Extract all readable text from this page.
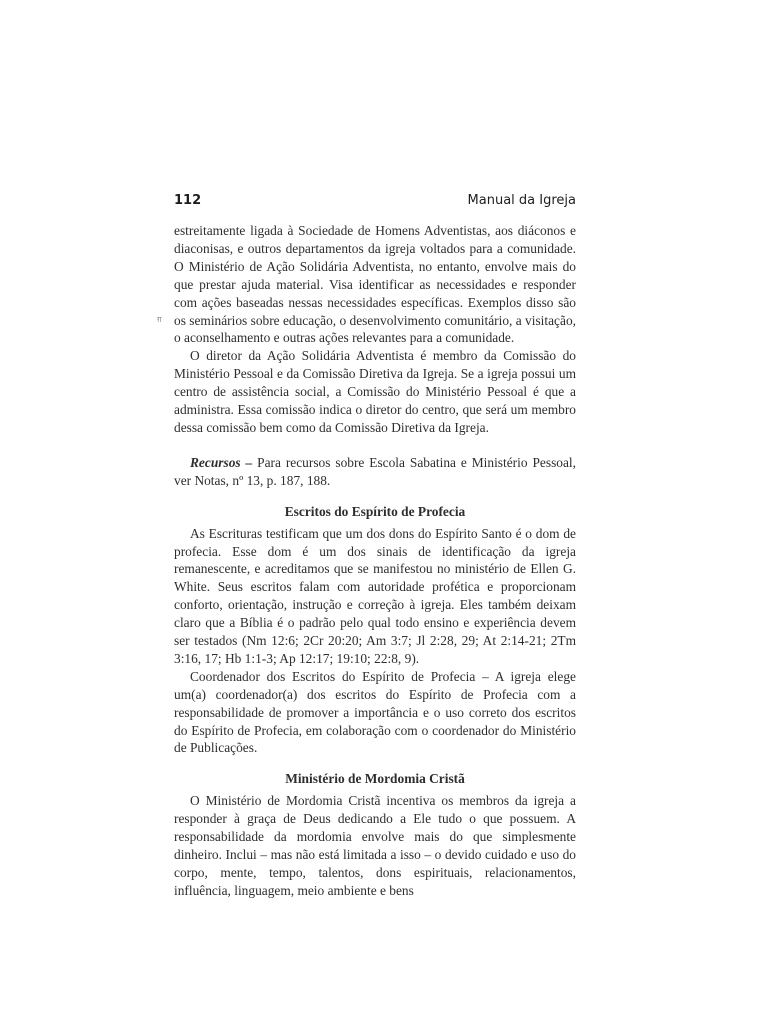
112	Manual da Igreja
ग़

estreitamente ligada à Sociedade de Homens Adventistas, aos diáconos e diaconisas, e outros departamentos da igreja voltados para a comunidade. O Ministério de Ação Solidária Adventista, no entanto, envolve mais do que prestar ajuda material. Visa identificar as necessidades e responder com ações baseadas nessas necessidades específicas. Exemplos disso são os seminários sobre educação, o desenvolvimento comunitário, a visitação, o aconselhamento e outras ações relevantes para a comunidade.

O diretor da Ação Solidária Adventista é membro da Comissão do Ministério Pessoal e da Comissão Diretiva da Igreja. Se a igreja possui um centro de assistência social, a Comissão do Ministério Pessoal é que a administra. Essa comissão indica o diretor do centro, que será um membro dessa comissão bem como da Comissão Diretiva da Igreja.

Recursos – Para recursos sobre Escola Sabatina e Ministério Pessoal, ver Notas, nº 13, p. 187, 188.

Escritos do Espírito de Profecia

As Escrituras testificam que um dos dons do Espírito Santo é o dom de profecia. Esse dom é um dos sinais de identificação da igreja remanescente, e acreditamos que se manifestou no ministério de Ellen G. White. Seus escritos falam com autoridade profética e proporcionam conforto, orientação, instrução e correção à igreja. Eles também deixam claro que a Bíblia é o padrão pelo qual todo ensino e experiência devem ser testados (Nm 12:6; 2Cr 20:20; Am 3:7; Jl 2:28, 29; At 2:14-21; 2Tm 3:16, 17; Hb 1:1-3; Ap 12:17; 19:10; 22:8, 9).

Coordenador dos Escritos do Espírito de Profecia – A igreja elege um(a) coordenador(a) dos escritos do Espírito de Profecia com a responsabilidade de promover a importância e o uso correto dos escritos do Espírito de Profecia, em colaboração com o coordenador do Ministério de Publicações.

Ministério de Mordomia Cristã

O Ministério de Mordomia Cristã incentiva os membros da igreja a responder à graça de Deus dedicando a Ele tudo o que possuem. A responsabilidade da mordomia envolve mais do que simplesmente dinheiro. Inclui – mas não está limitada a isso – o devido cuidado e uso do corpo, mente, tempo, talentos, dons espirituais, relacionamentos, influência, linguagem, meio ambiente e bens
